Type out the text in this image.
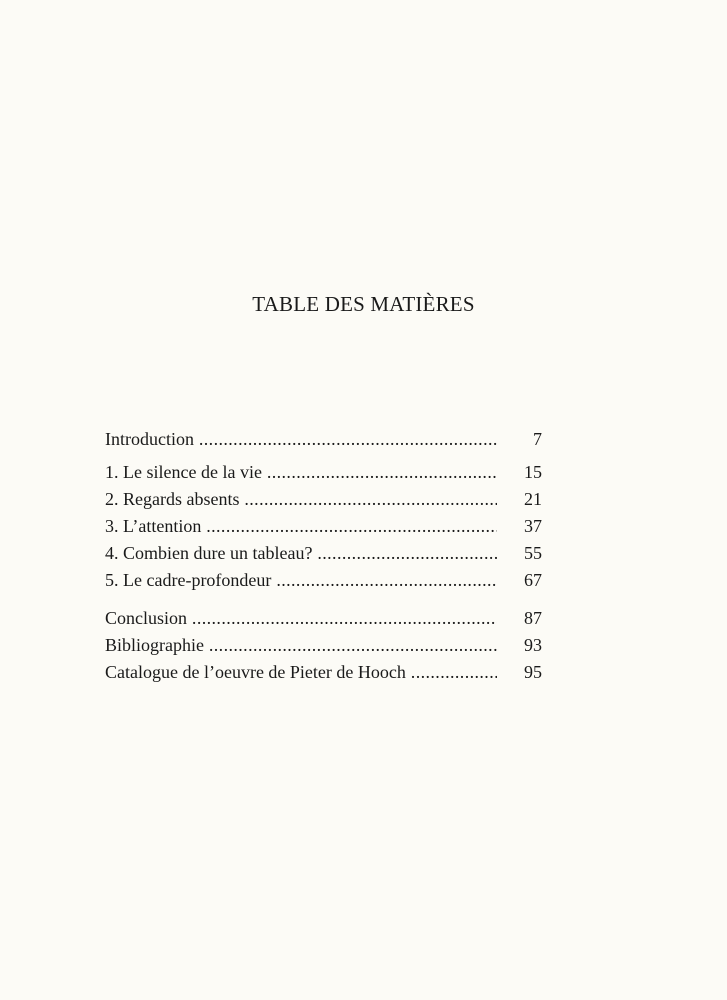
TABLE DES MATIÈRES
Introduction .....	7
1. Le silence de la vie .....	15
2. Regards absents .....	21
3. L’attention .....	37
4. Combien dure un tableau? .....	55
5. Le cadre-profondeur .....	67
Conclusion .....	87
Bibliographie .....	93
Catalogue de l’oeuvre de Pieter de Hooch .....	95
